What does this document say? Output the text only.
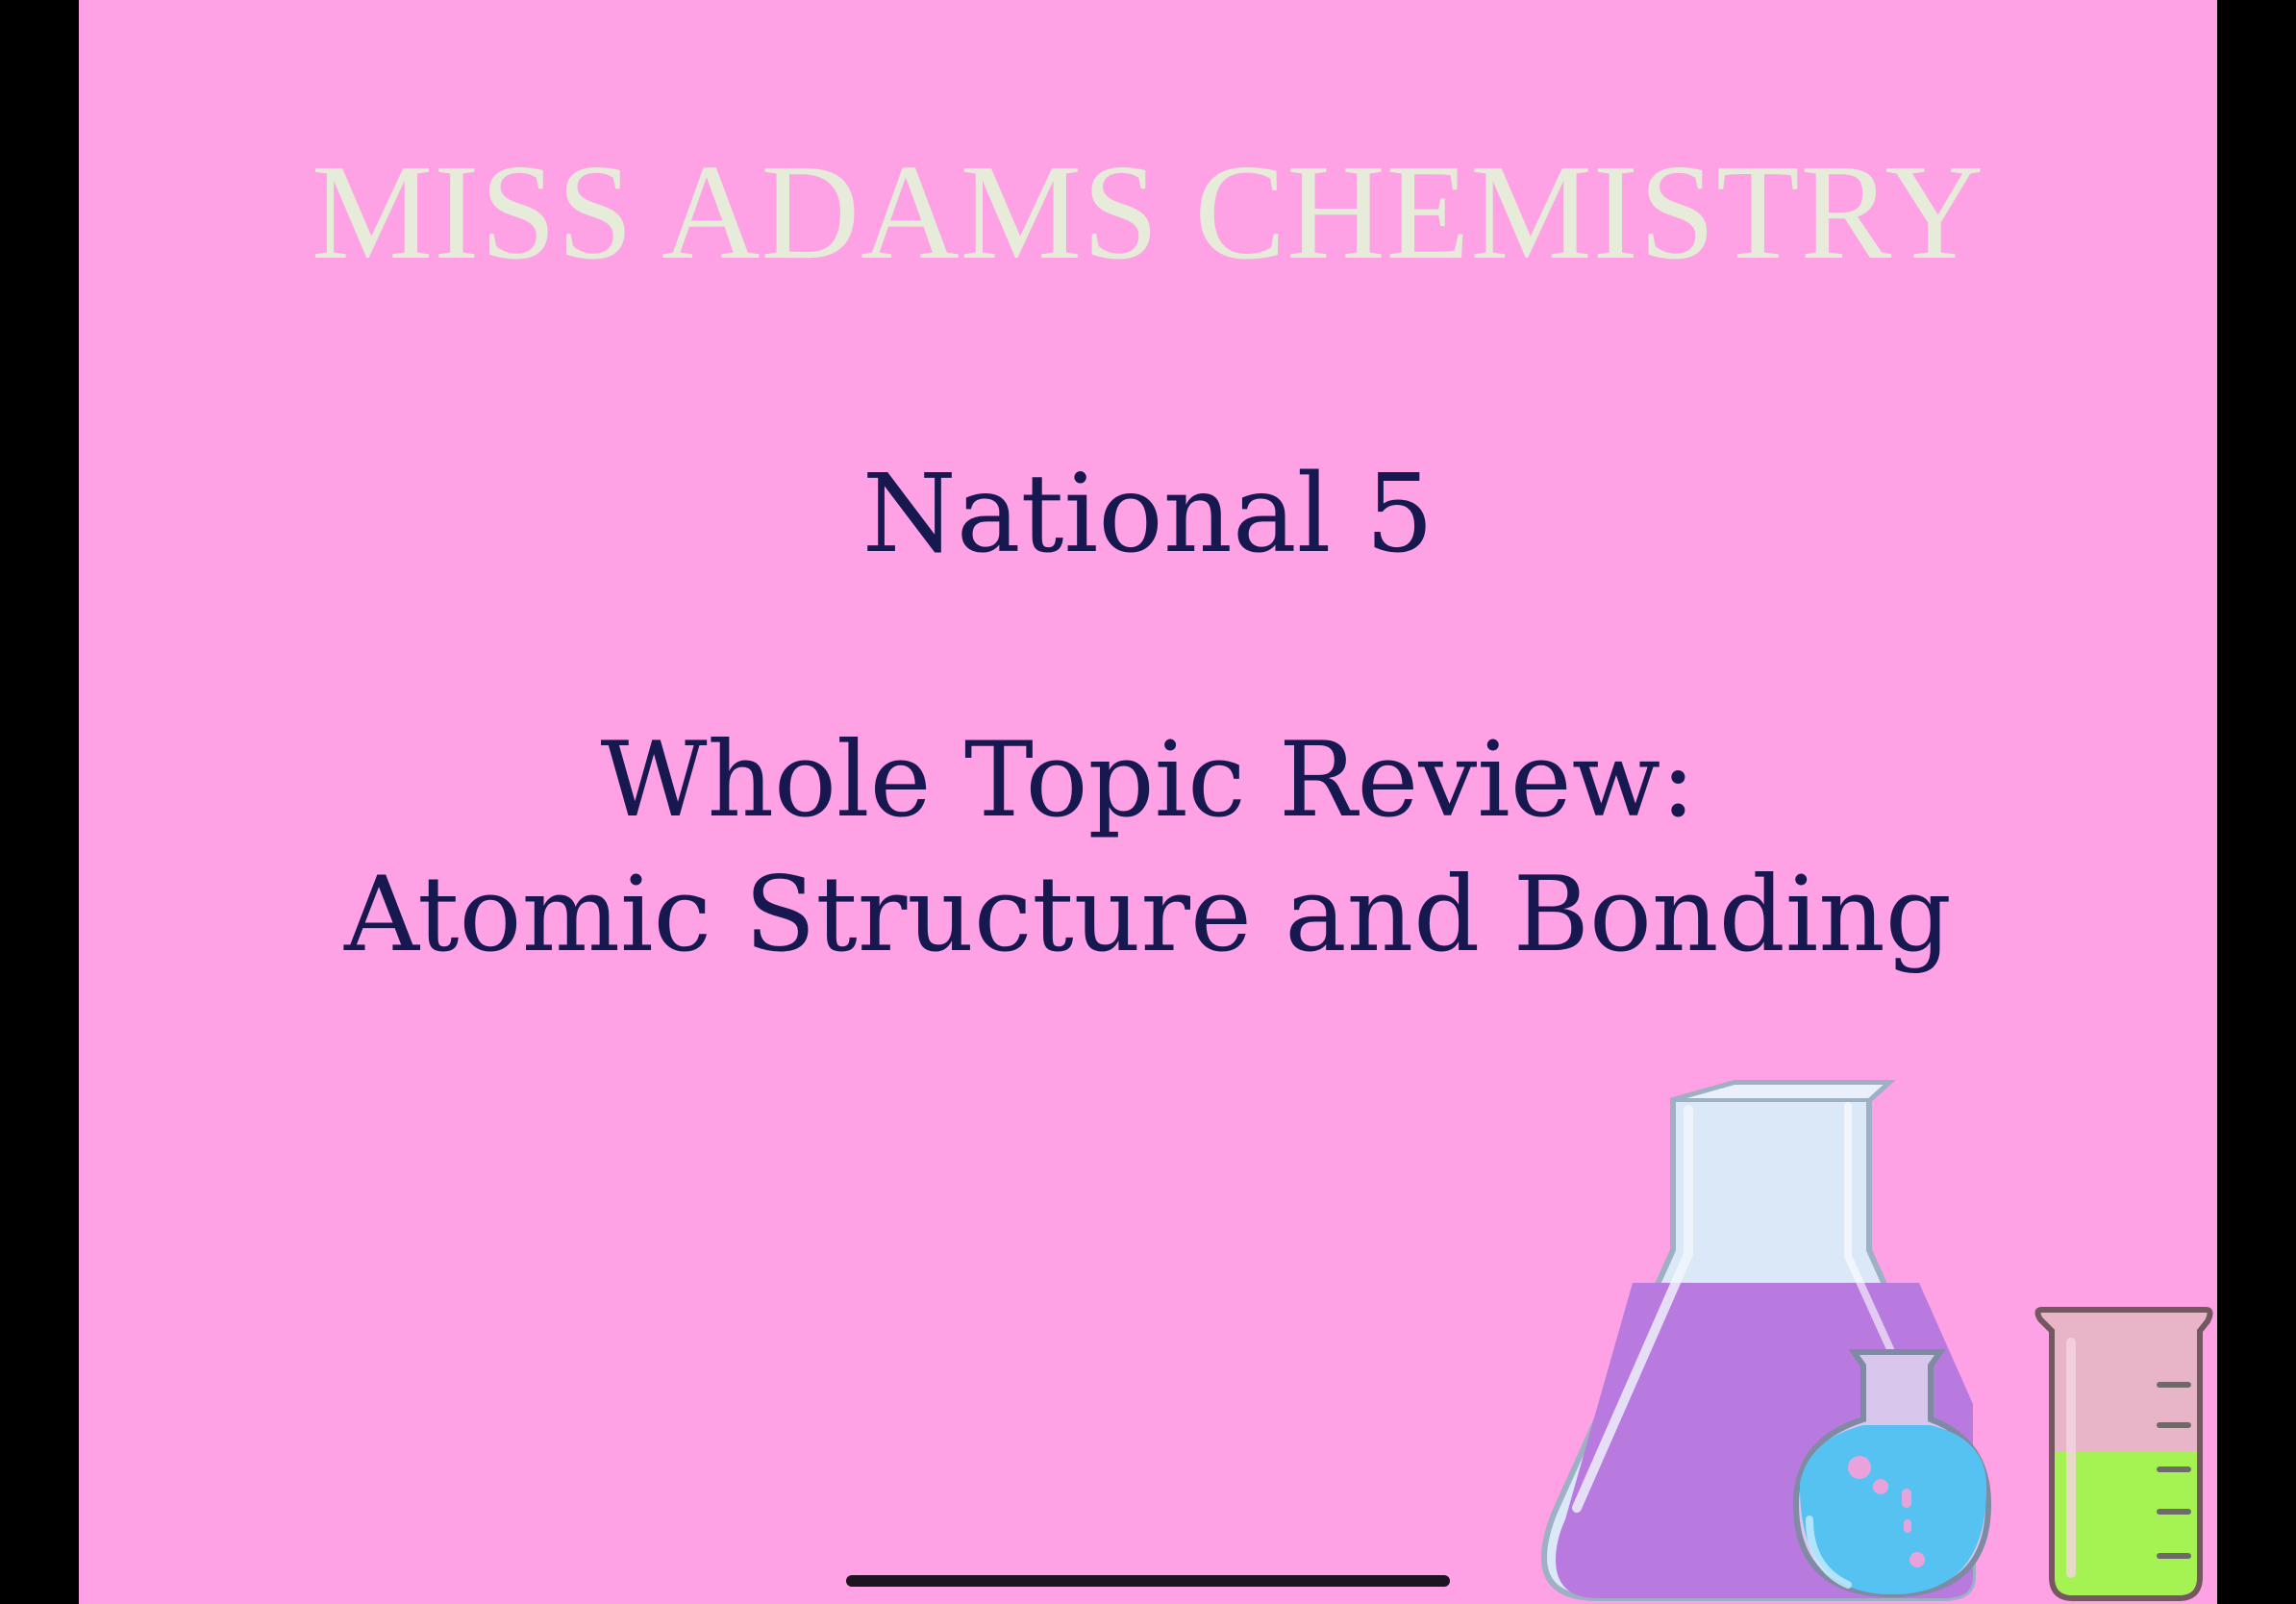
MISS ADAMS CHEMISTRY
National 5
Whole Topic Review:
Atomic Structure and Bonding
